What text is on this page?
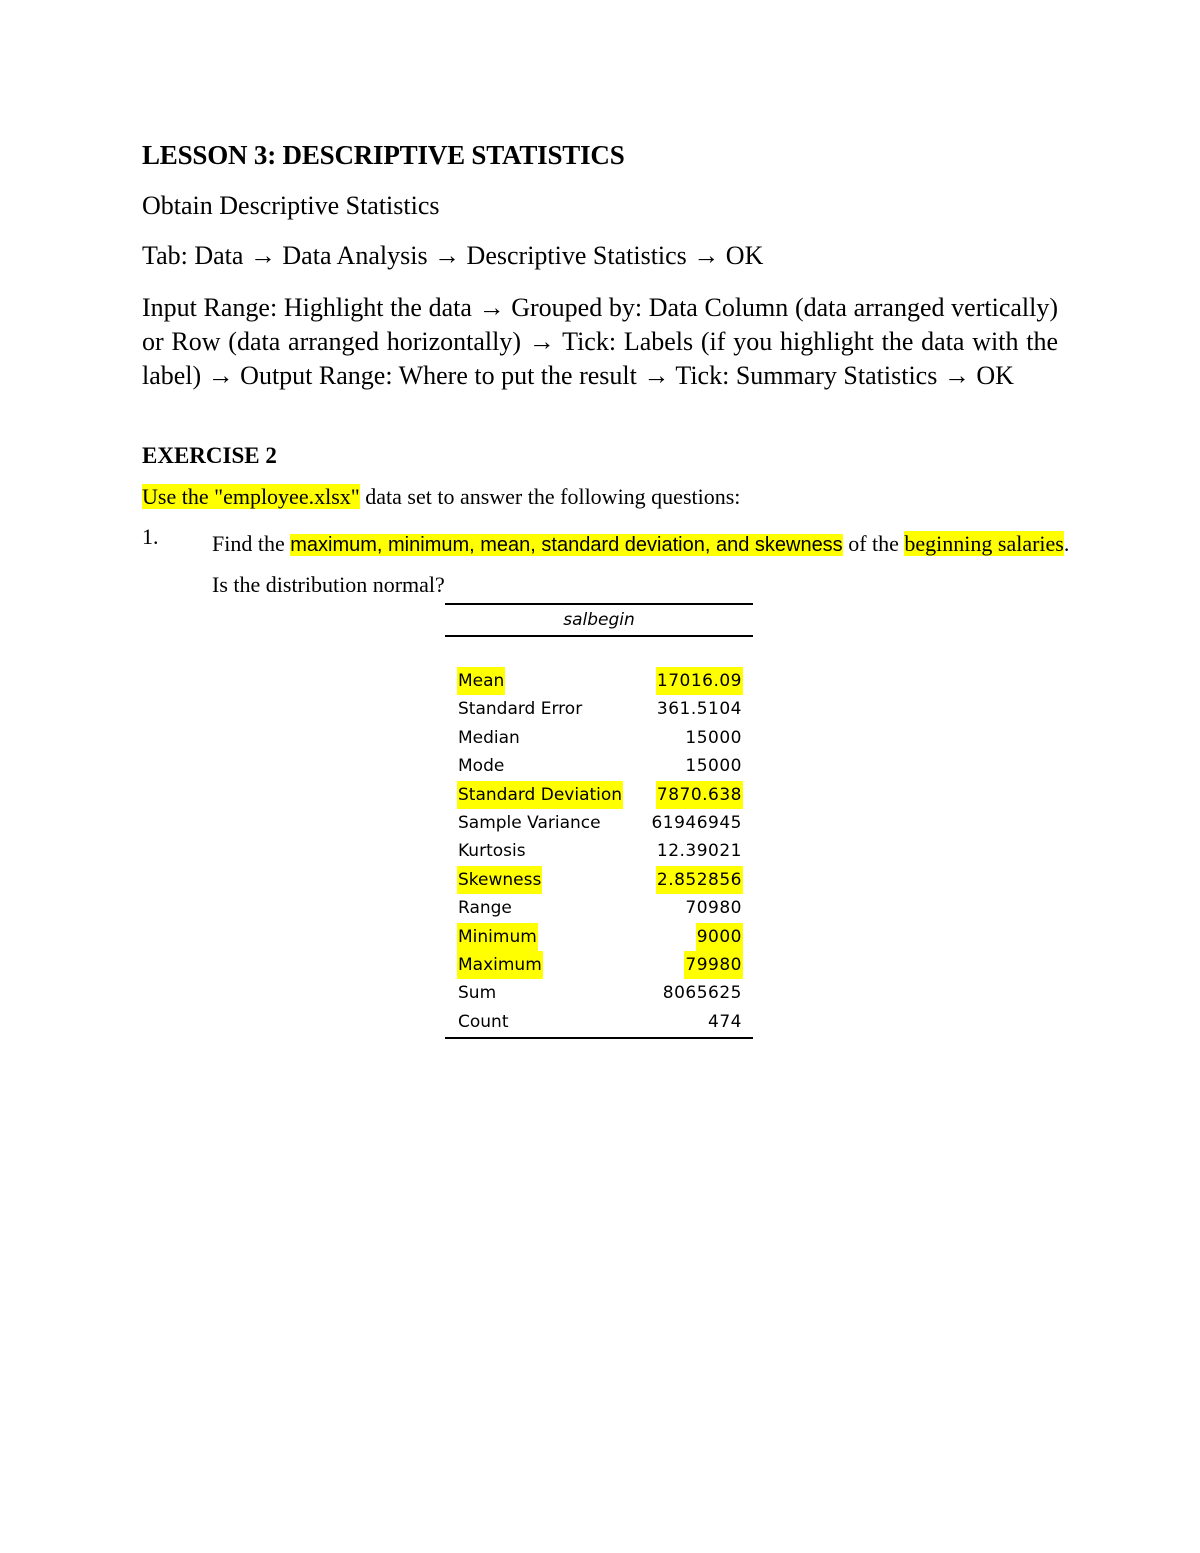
LESSON 3: DESCRIPTIVE STATISTICS
Obtain Descriptive Statistics
Tab: Data → Data Analysis → Descriptive Statistics → OK
Input Range: Highlight the data → Grouped by: Data Column (data arranged vertically) or Row (data arranged horizontally) → Tick: Labels (if you highlight the data with the label) → Output Range: Where to put the result → Tick: Summary Statistics → OK
EXERCISE 2
Use the "employee.xlsx" data set to answer the following questions:
1. Find the maximum, minimum, mean, standard deviation, and skewness of the beginning salaries. Is the distribution normal?
salbegin
Mean	17016.09
Standard Error	361.5104
Median	15000
Mode	15000
Standard Deviation 7870.638
Sample Variance	61946945
Kurtosis	12.39021
Skewness	2.852856
Range	70980
Minimum	9000
Maximum	79980
Sum	8065625
Count	474
